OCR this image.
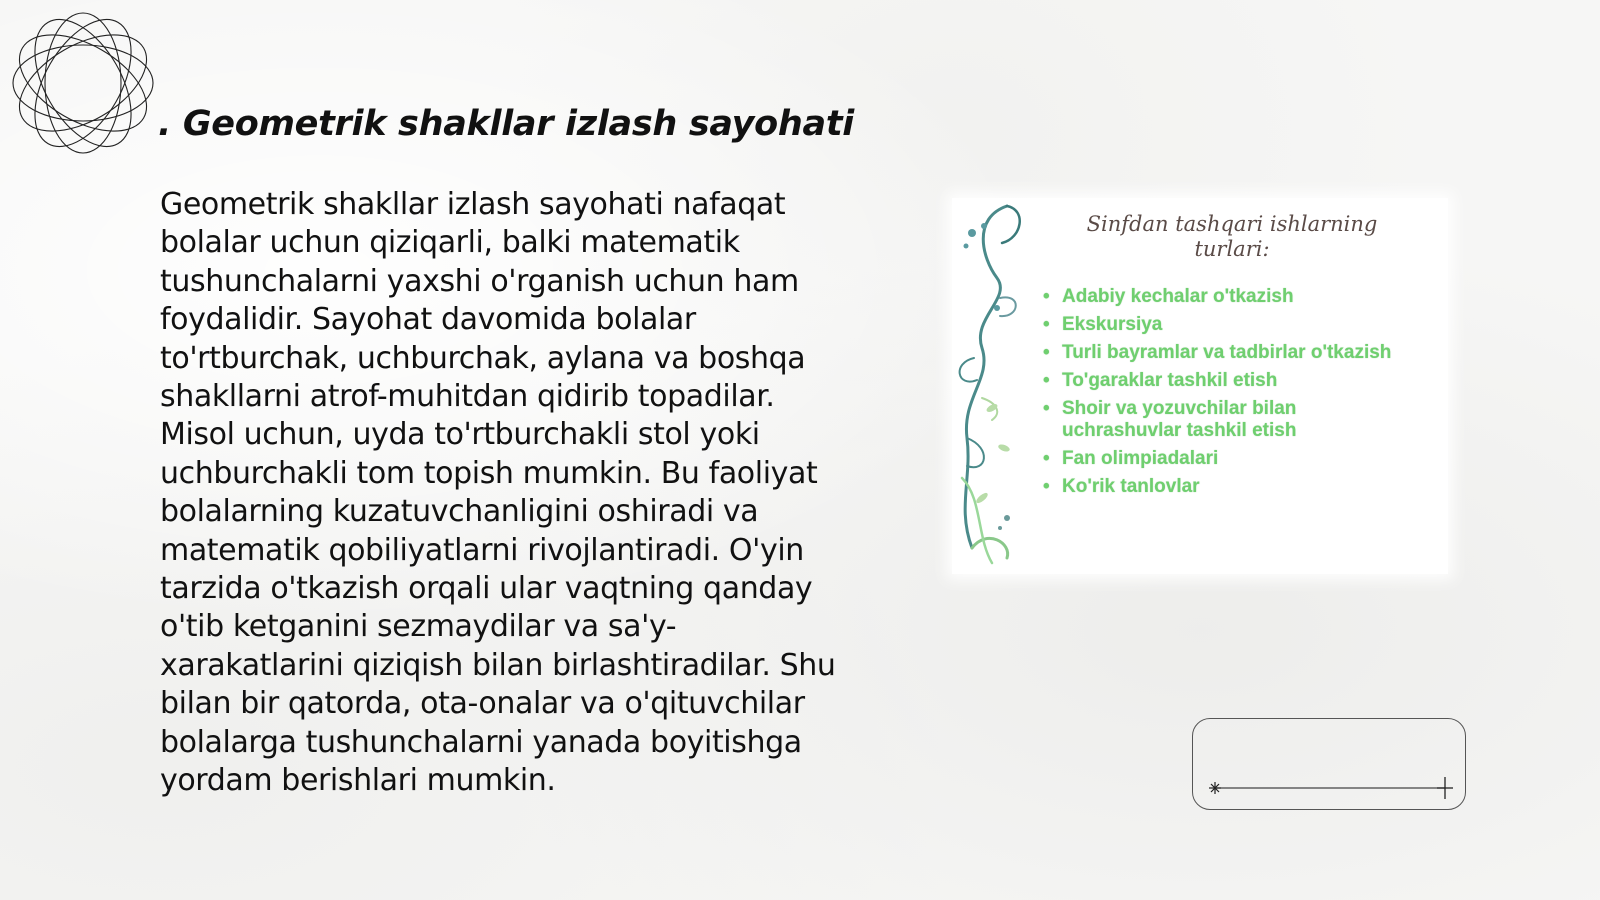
. Geometrik shakllar izlash sayohati

Geometrik shakllar izlash sayohati nafaqat bolalar uchun qiziqarli, balki matematik tushunchalarni yaxshi o'rganish uchun ham foydalidir. Sayohat davomida bolalar to'rtburchak, uchburchak, aylana va boshqa shakllarni atrof-muhitdan qidirib topadilar. Misol uchun, uyda to'rtburchakli stol yoki uchburchakli tom topish mumkin. Bu faoliyat bolalarning kuzatuvchanligini oshiradi va matematik qobiliyatlarni rivojlantiradi. O'yin tarzida o'tkazish orqali ular vaqtning qanday o'tib ketganini sezmaydilar va sa'y-xarakatlarini qiziqish bilan birlashtiradilar. Shu bilan bir qatorda, ota-onalar va o'qituvchilar bolalarga tushunchalarni yanada boyitishga yordam berishlari mumkin.

Sinfdan tashqari ishlarning
turlari:
• Adabiy kechalar o'tkazish
• Ekskursiya
• Turli bayramlar va tadbirlar o'tkazish
• To'garaklar tashkil etish
• Shoir va yozuvchilar bilan uchrashuvlar tashkil etish
• Fan olimpiadalari
• Ko'rik tanlovlar
